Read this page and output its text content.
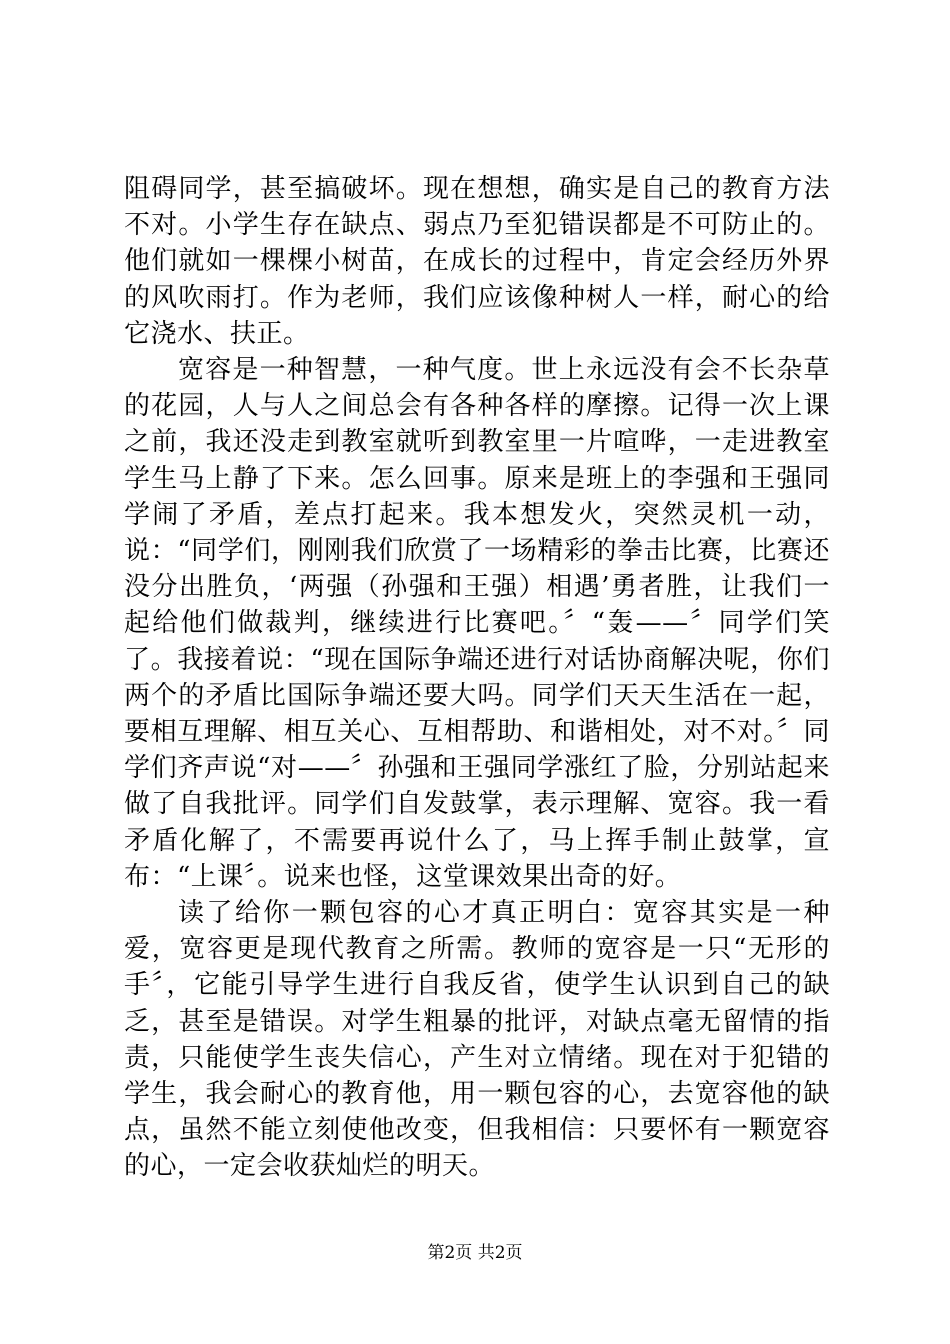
阻碍同学，甚至搞破坏。现在想想，确实是自己的教育方法不对。小学生存在缺点、弱点乃至犯错误都是不可防止的。他们就如一棵棵小树苗，在成长的过程中，肯定会经历外界的风吹雨打。作为老师，我们应该像种树人一样，耐心的给它浇水、扶正。

宽容是一种智慧，一种气度。世上永远没有会不长杂草的花园，人与人之间总会有各种各样的摩擦。记得一次上课之前，我还没走到教室就听到教室里一片喧哗，一走进教室学生马上静了下来。怎么回事。原来是班上的李强和王强同学闹了矛盾，差点打起来。我本想发火，突然灵机一动，说：“同学们，刚刚我们欣赏了一场精彩的拳击比赛，比赛还没分出胜负，‘两强（孙强和王强）相遇’勇者胜，让我们一起给他们做裁判，继续进行比赛吧。〞“轰——〞同学们笑了。我接着说：“现在国际争端还进行对话协商解决呢，你们两个的矛盾比国际争端还要大吗。同学们天天生活在一起，要相互理解、相互关心、互相帮助、和谐相处，对不对。〞同学们齐声说“对——〞孙强和王强同学涨红了脸，分别站起来做了自我批评。同学们自发鼓掌，表示理解、宽容。我一看矛盾化解了，不需要再说什么了，马上挥手制止鼓掌，宣布：“上课〞。说来也怪，这堂课效果出奇的好。

读了给你一颗包容的心才真正明白：宽容其实是一种爱，宽容更是现代教育之所需。教师的宽容是一只“无形的手〞，它能引导学生进行自我反省，使学生认识到自己的缺乏，甚至是错误。对学生粗暴的批评，对缺点毫无留情的指责，只能使学生丧失信心，产生对立情绪。现在对于犯错的学生，我会耐心的教育他，用一颗包容的心，去宽容他的缺点，虽然不能立刻使他改变，但我相信：只要怀有一颗宽容的心，一定会收获灿烂的明天。

第2页 共2页
